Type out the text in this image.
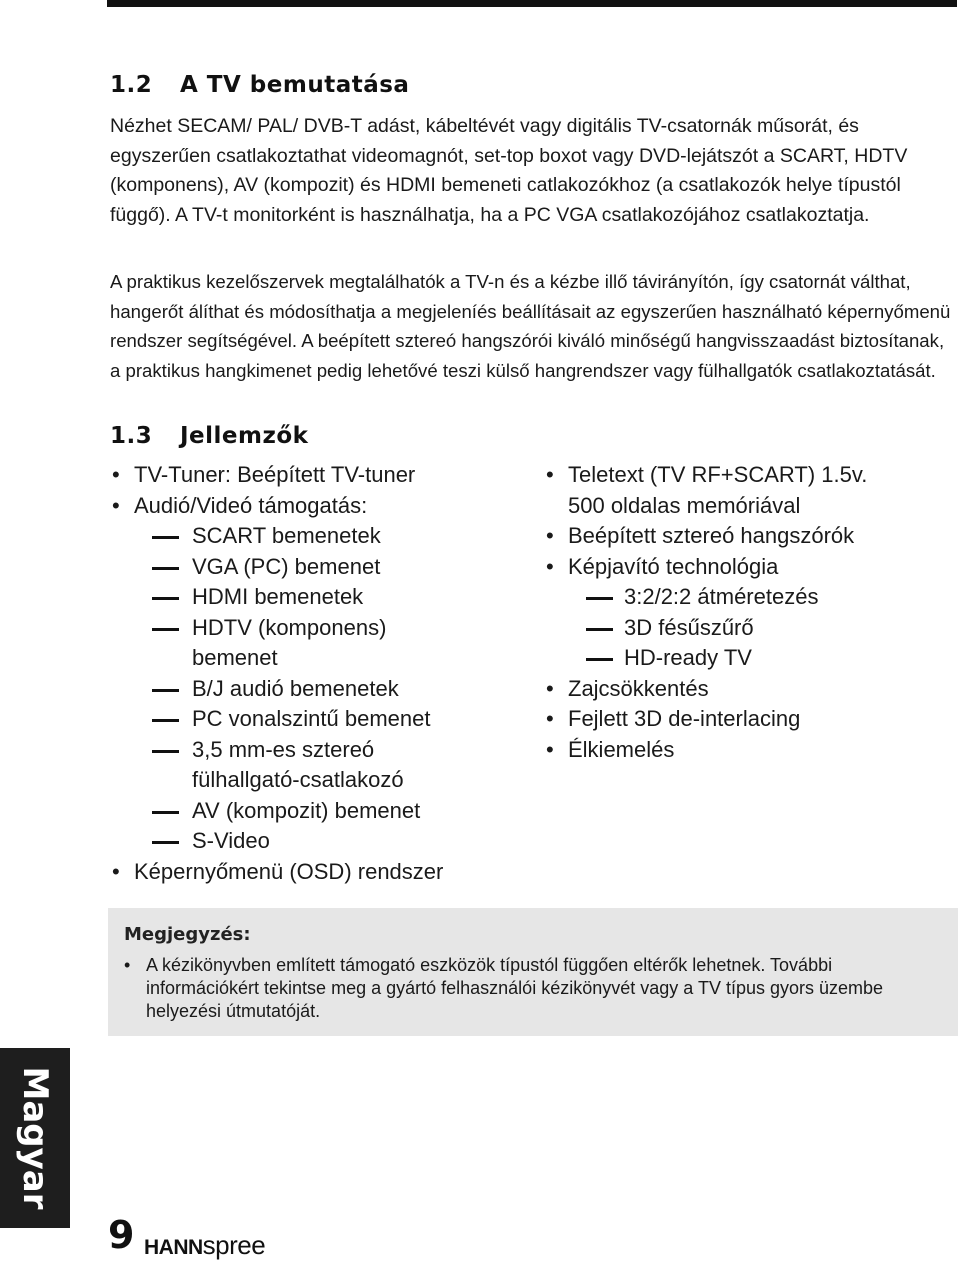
1.2 A TV bemutatása

Nézhet SECAM/ PAL/ DVB-T adást, kábeltévét vagy digitális TV-csatornák műsorát, és egyszerűen csatlakoztathat videomagnót, set-top boxot vagy DVD-lejátszót a SCART, HDTV (komponens), AV (kompozit) és HDMI bemeneti catlakozókhoz (a csatlakozók helye típustól függő). A TV-t monitorként is használhatja, ha a PC VGA csatlakozójához csatlakoztatja.

A praktikus kezelőszervek megtalálhatók a TV-n és a kézbe illő távirányítón, így csatornát válthat, hangerőt álíthat és módosíthatja a megjeleníés beállításait az egyszerűen használható képernyőmenü rendszer segítségével. A beépített sztereó hangszórói kiváló minőségű hangvisszaadást biztosítanak, a praktikus hangkimenet pedig lehetővé teszi külső hangrendszer vagy fülhallgatók csatlakoztatását.

1.3 Jellemzők
• TV-Tuner: Beépített TV-tuner
• Audió/Videó támogatás:
SCART bemenetek
VGA (PC) bemenet
HDMI bemenetek
HDTV (komponens) bemenet
B/J audió bemenetek
PC vonalszintű bemenet
3,5 mm-es sztereó fülhallgató-csatlakozó
AV (kompozit) bemenet
S-Video
• Képernyőmenü (OSD) rendszer
• Teletext (TV RF+SCART) 1.5v.
500 oldalas memóriával
• Beépített sztereó hangszórók
• Képjavító technológia
3:2/2:2 átméretezés
3D fésűszűrő
HD-ready TV
• Zajcsökkentés
• Fejlett 3D de-interlacing
• Élkiemelés
Megjegyzés:
• A kézikönyvben említett támogató eszközök típustól függően eltérők lehetnek. További információkért tekintse meg a gyártó felhasználói kézikönyvét vagy a TV típus gyors üzembe helyezési útmutatóját.
Magyar
9 HANNspree
